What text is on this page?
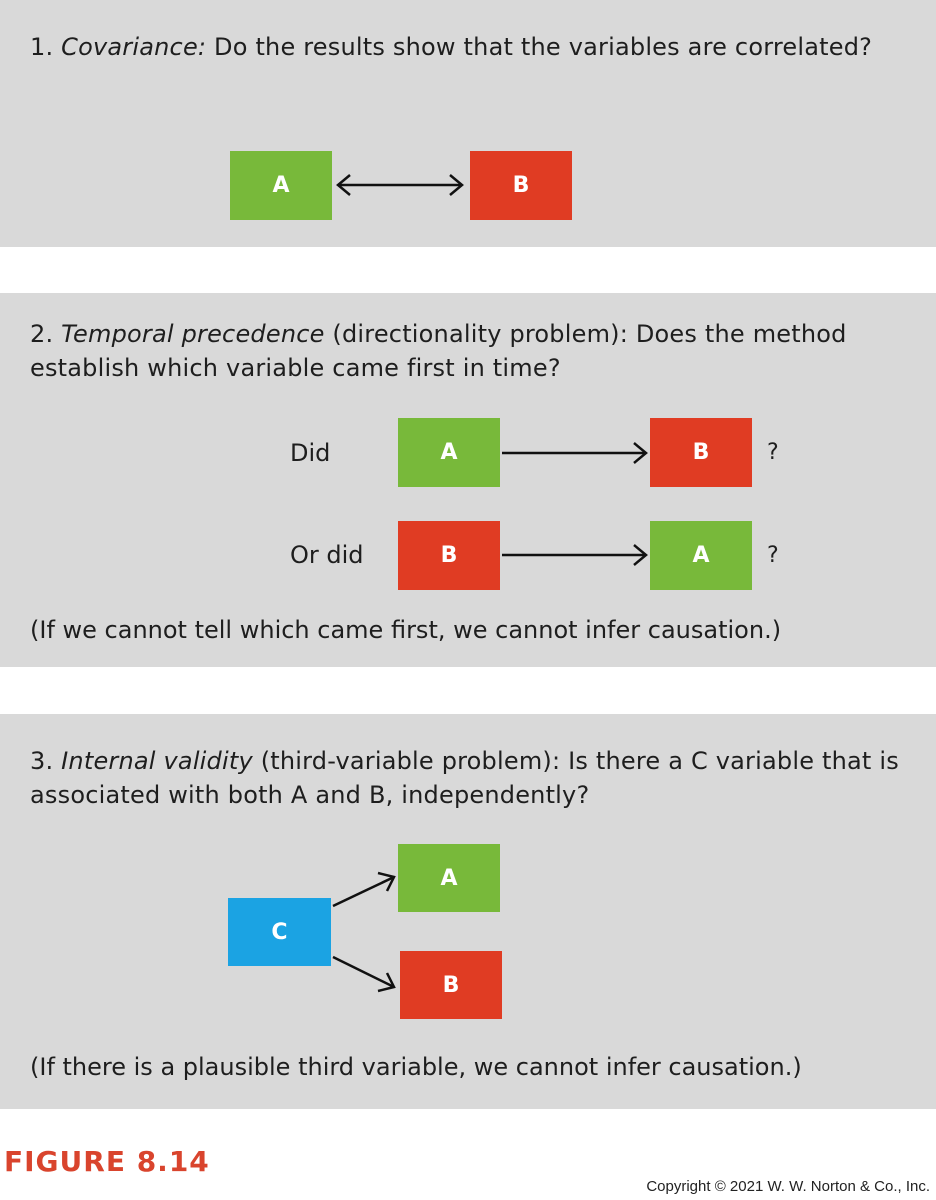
1. Covariance: Do the results show that the variables are correlated?
A	B
2. Temporal precedence (directionality problem): Does the method establish which variable came first in time?
Did	A	B	?
Or did	B	A	?
(If we cannot tell which came first, we cannot infer causation.)
3. Internal validity (third-variable problem): Is there a C variable that is associated with both A and B, independently?
C
A
B
(If there is a plausible third variable, we cannot infer causation.)
FIGURE 8.14
Copyright © 2021 W. W. Norton & Co., Inc.
